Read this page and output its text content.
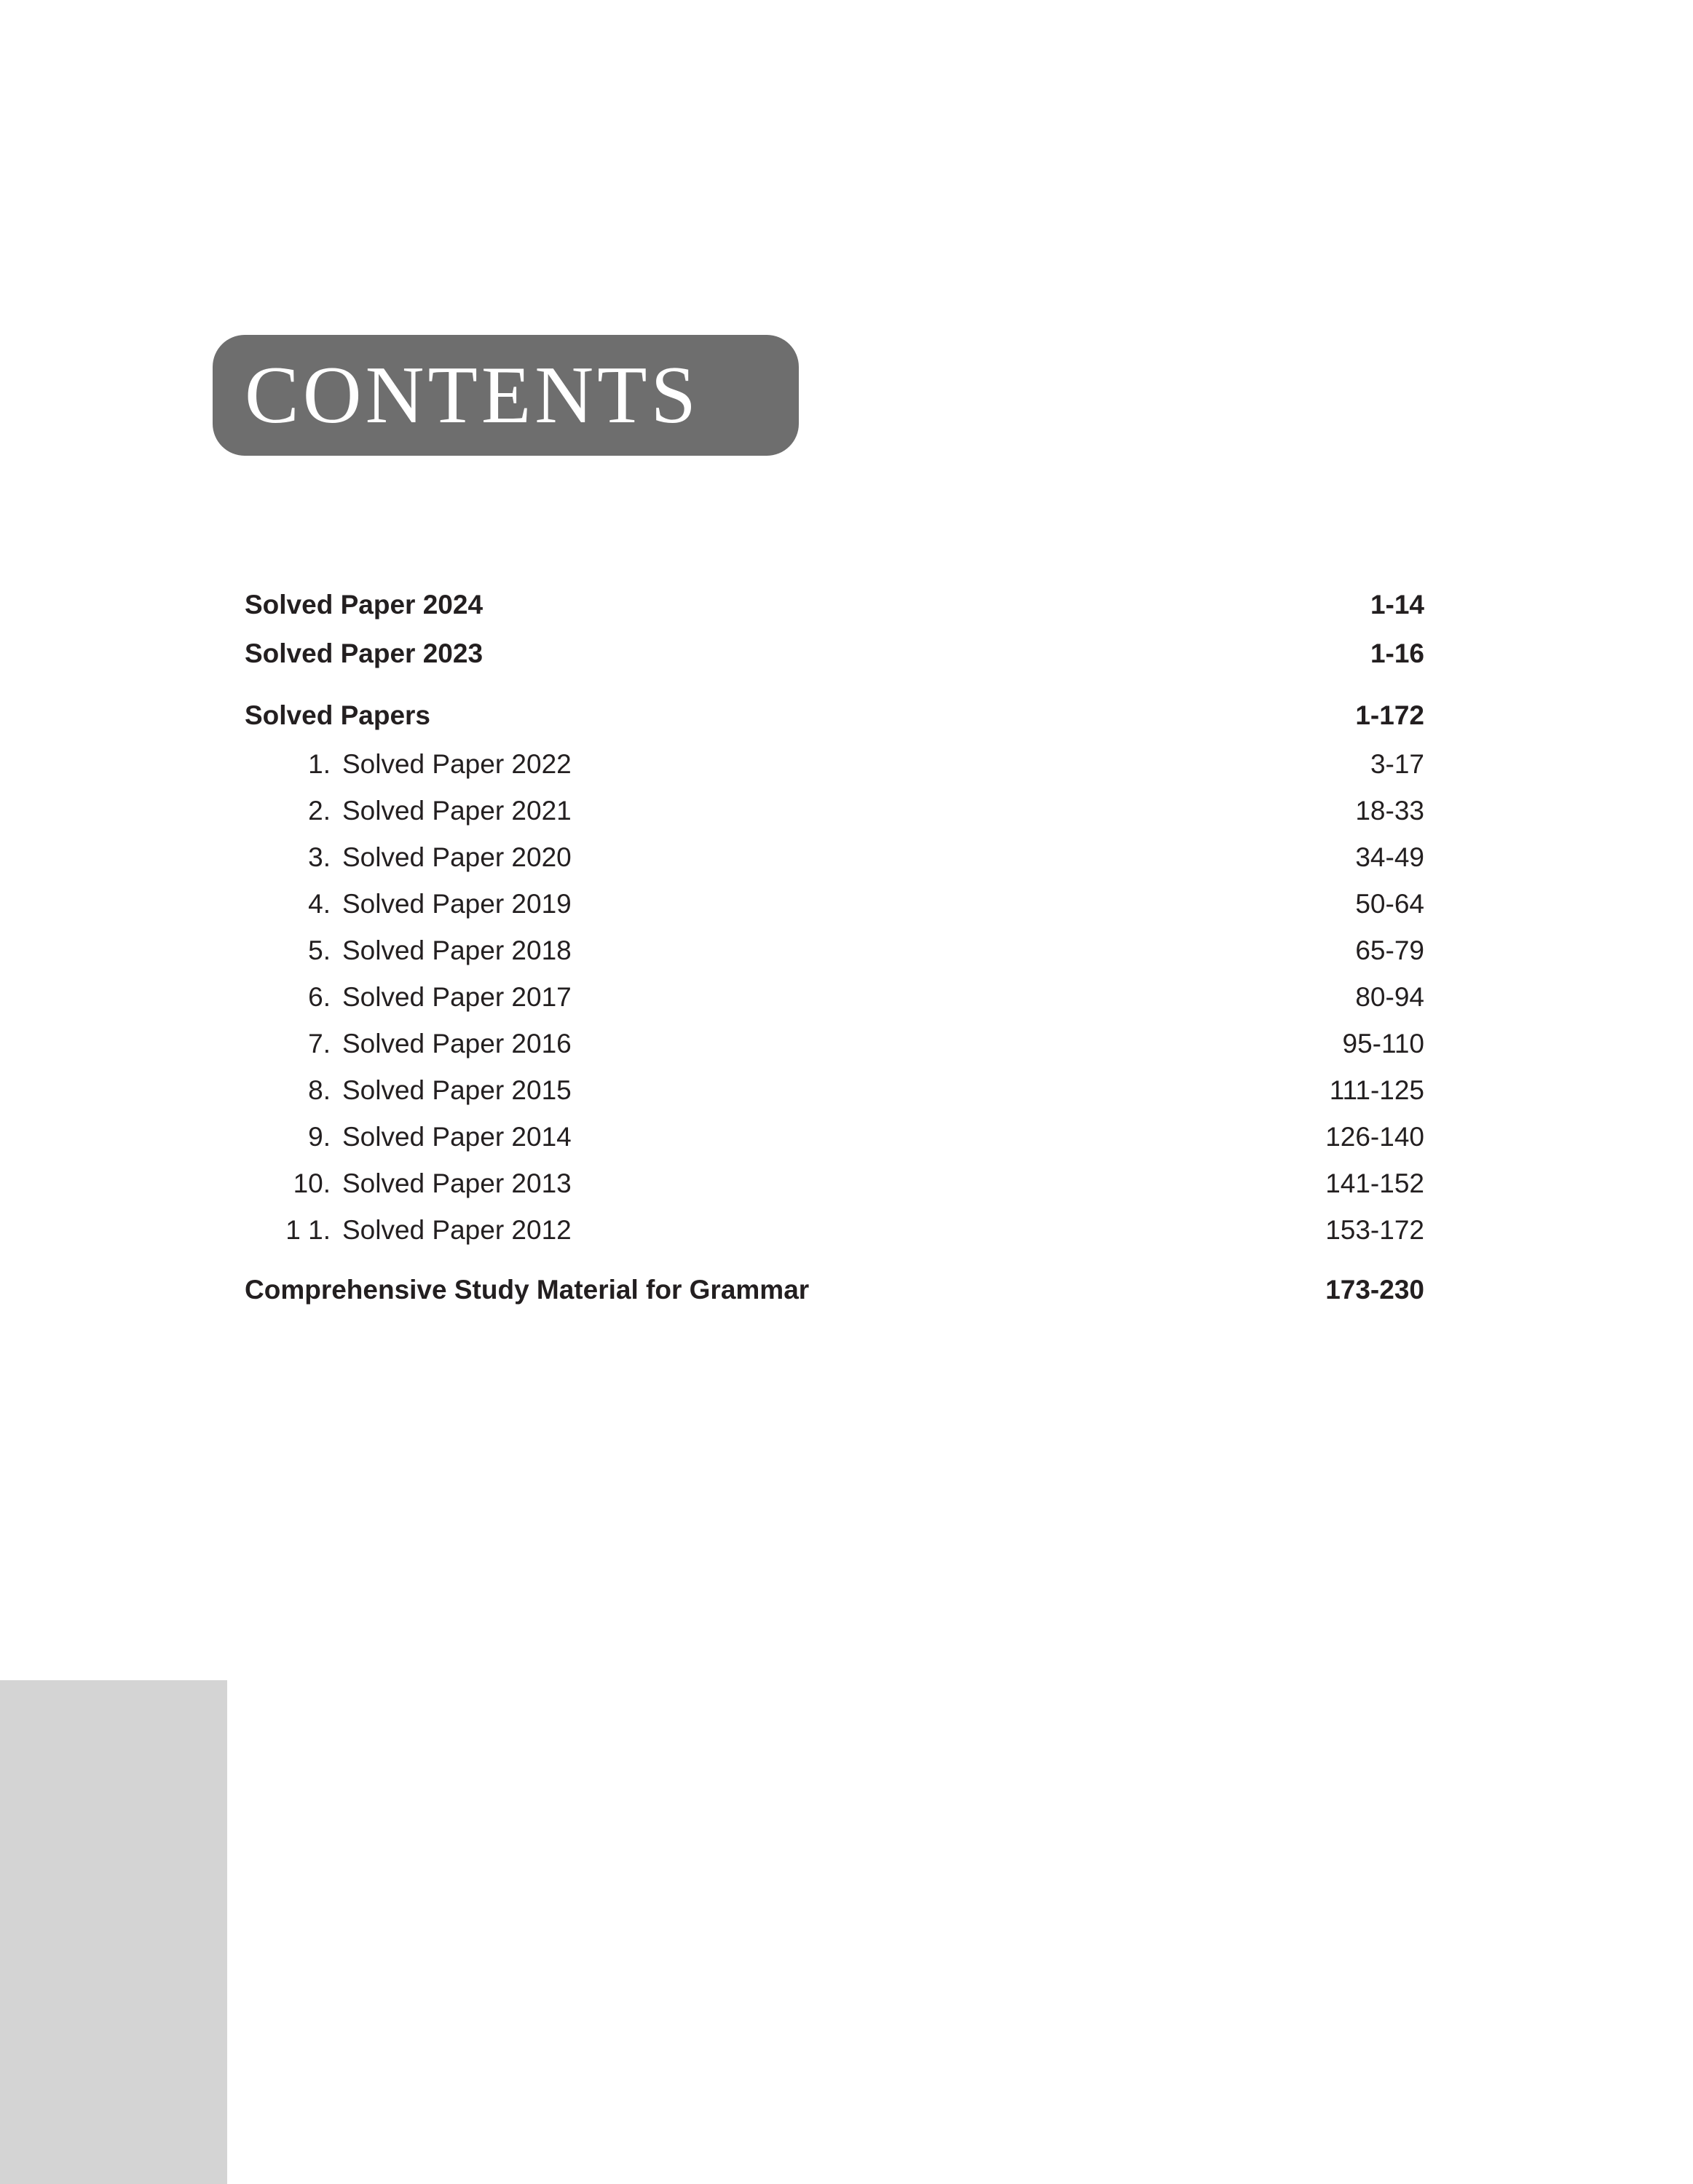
CONTENTS
Solved Paper 2024	1-14
Solved Paper 2023	1-16
Solved Papers	1-172
1. Solved Paper 2022	3-17
2. Solved Paper 2021	18-33
3. Solved Paper 2020	34-49
4. Solved Paper 2019	50-64
5. Solved Paper 2018	65-79
6. Solved Paper 2017	80-94
7. Solved Paper 2016	95-110
8. Solved Paper 2015	111-125
9. Solved Paper 2014	126-140
10. Solved Paper 2013	141-152
1 1. Solved Paper 2012	153-172
Comprehensive Study Material for Grammar	173-230
